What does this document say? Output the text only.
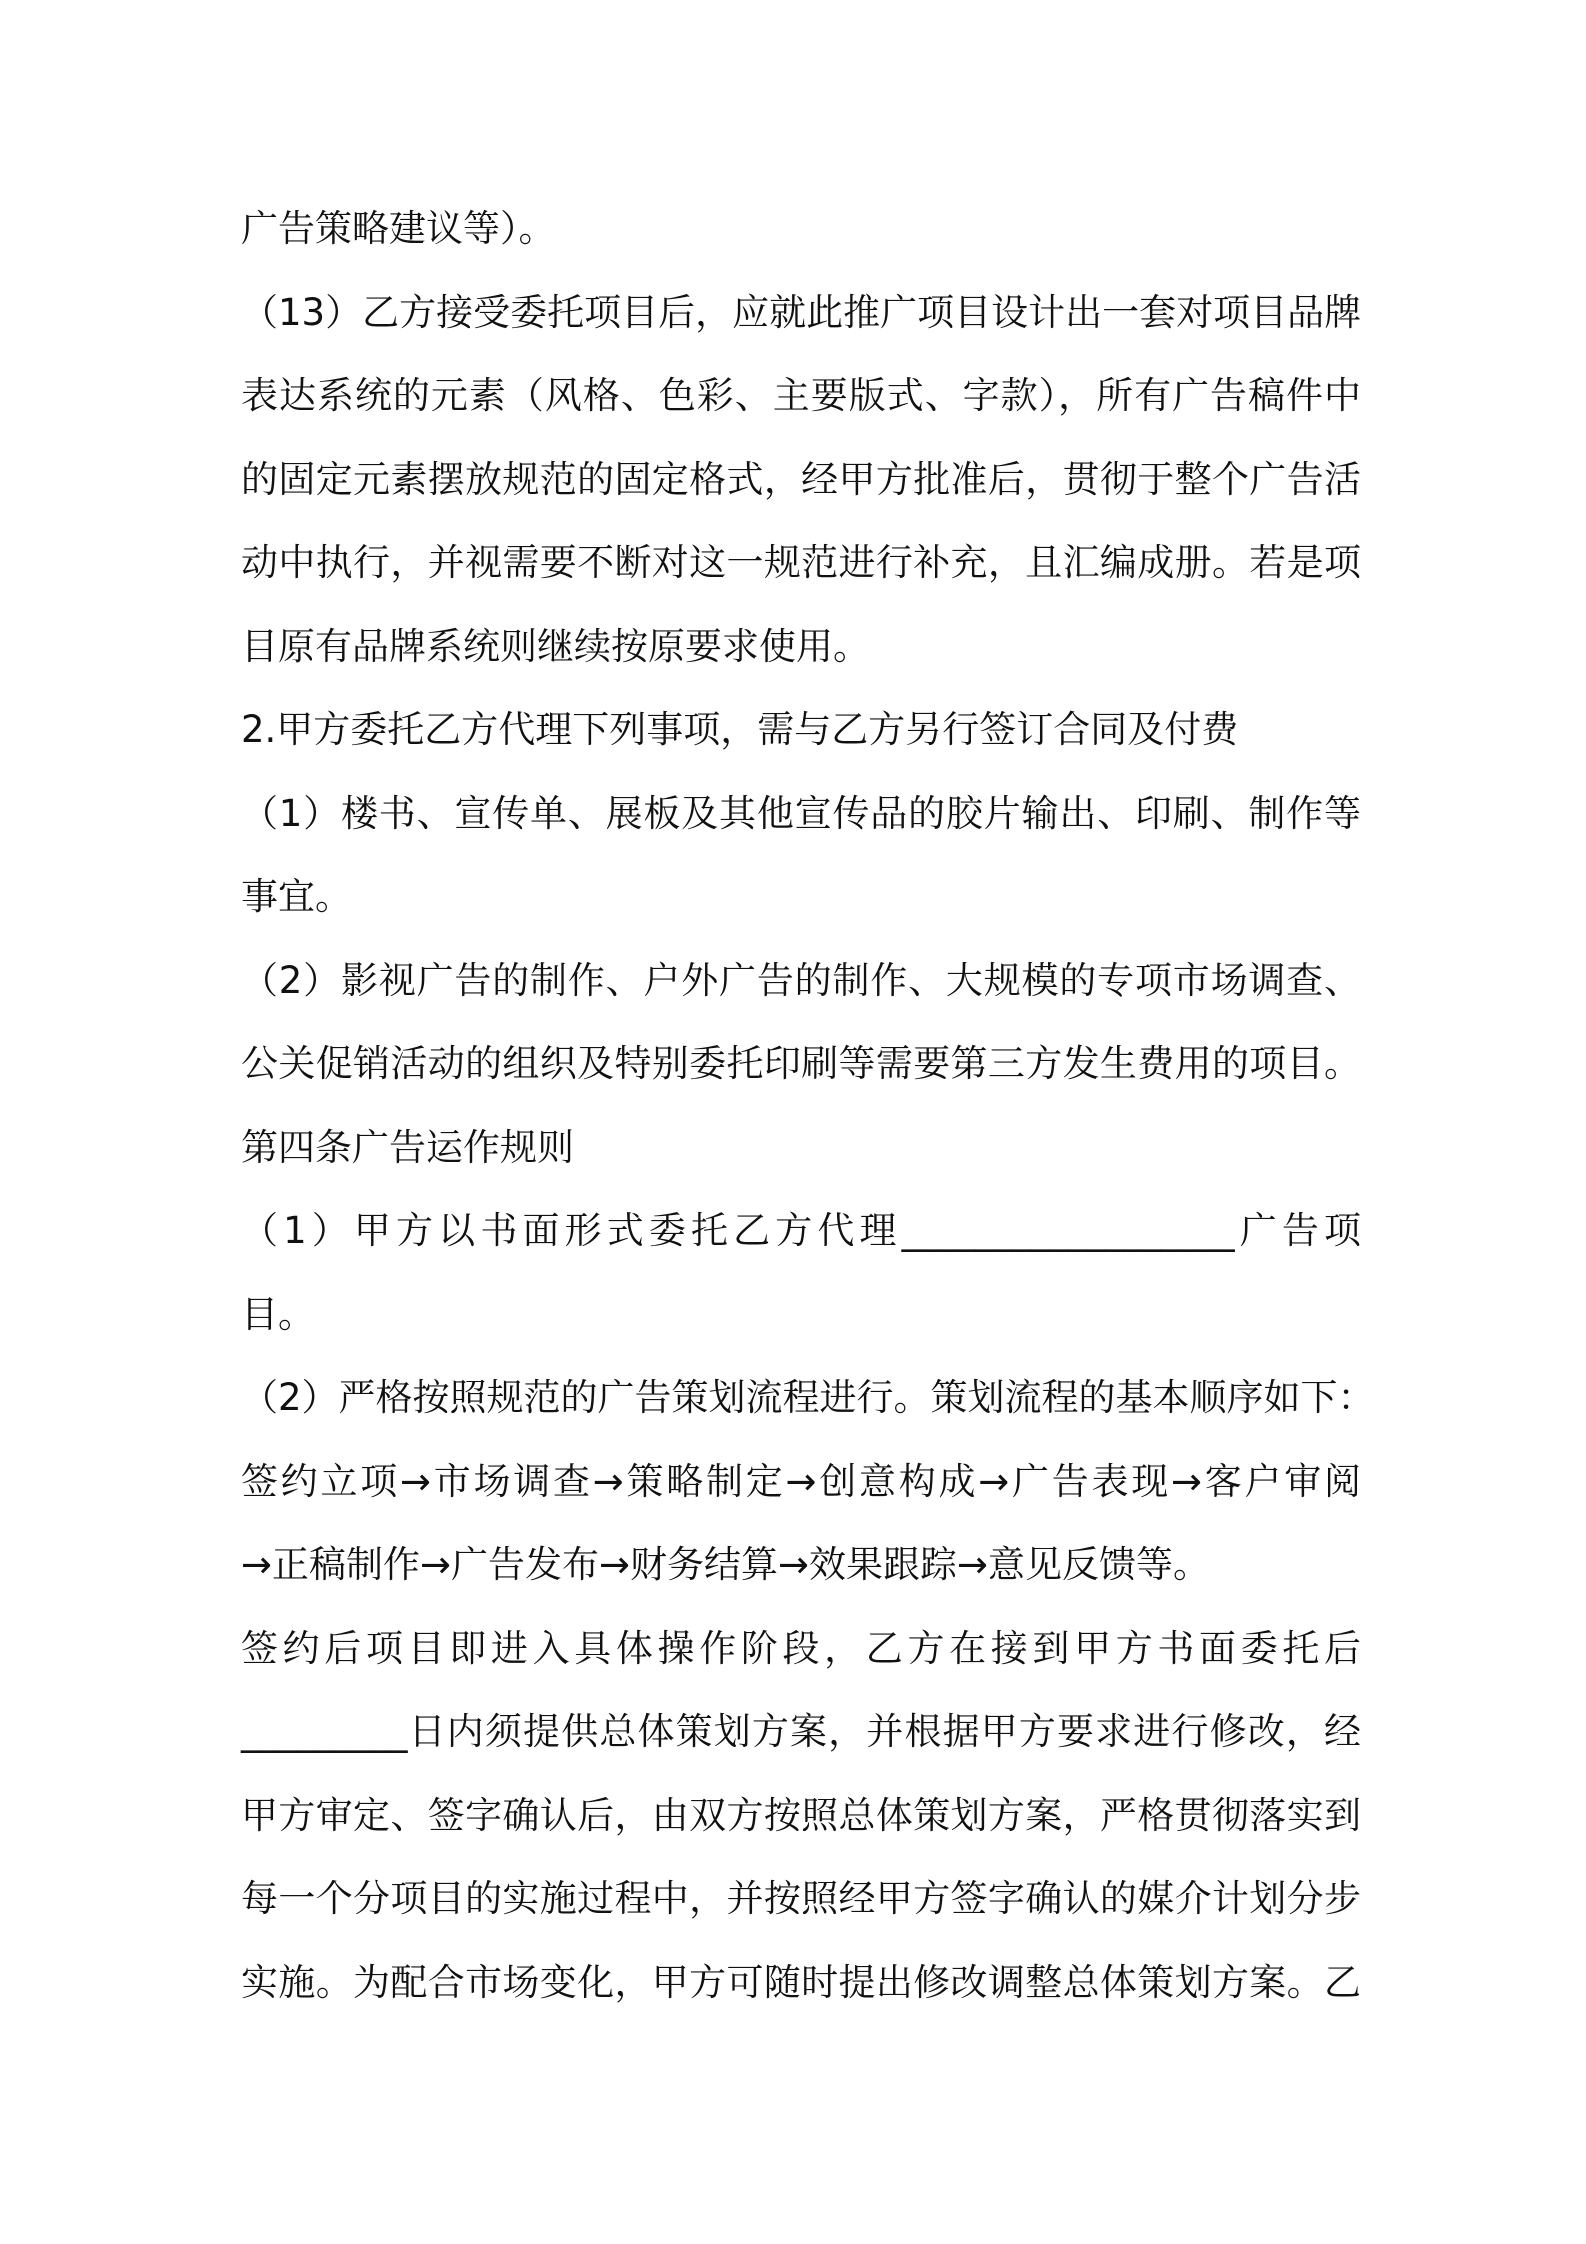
广告策略建议等）。
（13）乙方接受委托项目后，应就此推广项目设计出一套对项目品牌
表达系统的元素（风格、色彩、主要版式、字款），所有广告稿件中
的固定元素摆放规范的固定格式，经甲方批准后，贯彻于整个广告活
动中执行，并视需要不断对这一规范进行补充，且汇编成册。若是项
目原有品牌系统则继续按原要求使用。
2.甲方委托乙方代理下列事项，需与乙方另行签订合同及付费
（1）楼书、宣传单、展板及其他宣传品的胶片输出、印刷、制作等
事宜。
（2）影视广告的制作、户外广告的制作、大规模的专项市场调查、
公关促销活动的组织及特别委托印刷等需要第三方发生费用的项目。
第四条广告运作规则
（1）甲方以书面形式委托乙方代理__________________广告项
目。
（2）严格按照规范的广告策划流程进行。策划流程的基本顺序如下：
签约立项→市场调查→策略制定→创意构成→广告表现→客户审阅
→正稿制作→广告发布→财务结算→效果跟踪→意见反馈等。
签约后项目即进入具体操作阶段，乙方在接到甲方书面委托后
_________日内须提供总体策划方案，并根据甲方要求进行修改，经
甲方审定、签字确认后，由双方按照总体策划方案，严格贯彻落实到
每一个分项目的实施过程中，并按照经甲方签字确认的媒介计划分步
实施。为配合市场变化，甲方可随时提出修改调整总体策划方案。乙
